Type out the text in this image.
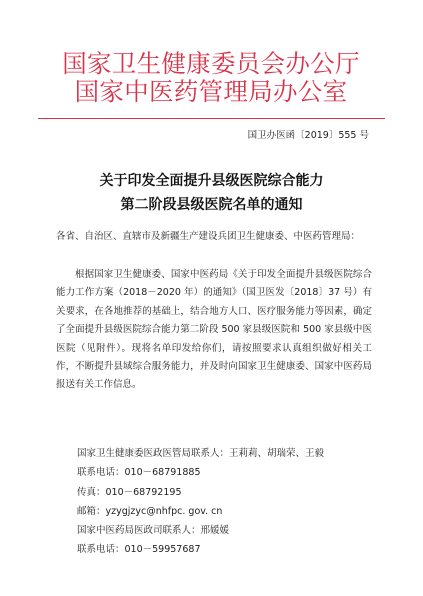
国家卫生健康委员会办公厅
国家中医药管理局办公室
国卫办医函〔2019〕555 号
关于印发全面提升县级医院综合能力
第二阶段县级医院名单的通知
各省、自治区、直辖市及新疆生产建设兵团卫生健康委、中医药管理局：
根据国家卫生健康委、国家中医药局《关于印发全面提升县级医院综合能力工作方案（2018－2020 年）的通知》（国卫医发〔2018〕37 号）有关要求，在各地推荐的基础上，结合地方人口、医疗服务能力等因素，确定了全面提升县级医院综合能力第二阶段 500 家县级医院和 500 家县级中医医院（见附件）。现将名单印发给你们，请按照要求认真组织做好相关工作，不断提升县域综合服务能力，并及时向国家卫生健康委、国家中医药局报送有关工作信息。
国家卫生健康委医政医管局联系人：王莉莉、胡瑞荣、王毅
联系电话：010－68791885
传真：010－68792195
邮箱：yzygjzyc@nhfpc. gov. cn
国家中医药局医政司联系人：邢媛媛
联系电话：010－59957687
